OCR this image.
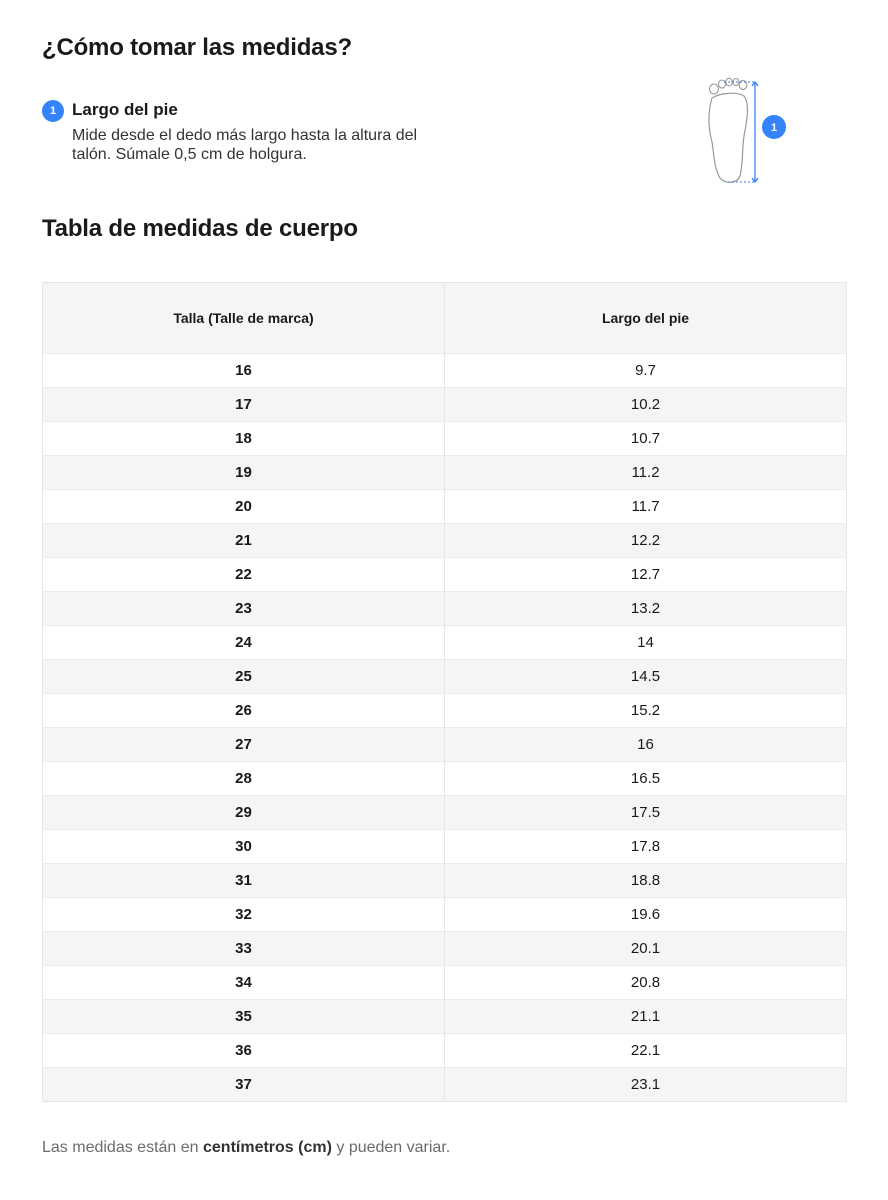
¿Cómo tomar las medidas?
1 Largo del pie
Mide desde el dedo más largo hasta la altura del talón. Súmale 0,5 cm de holgura.
1
Tabla de medidas de cuerpo
Talla (Talle de marca)	Largo del pie
16	9.7
17	10.2
18	10.7
19	11.2
20	11.7
21	12.2
22	12.7
23	13.2
24	14
25	14.5
26	15.2
27	16
28	16.5
29	17.5
30	17.8
31	18.8
32	19.6
33	20.1
34	20.8
35	21.1
36	22.1
37	23.1
Las medidas están en centímetros (cm) y pueden variar.
